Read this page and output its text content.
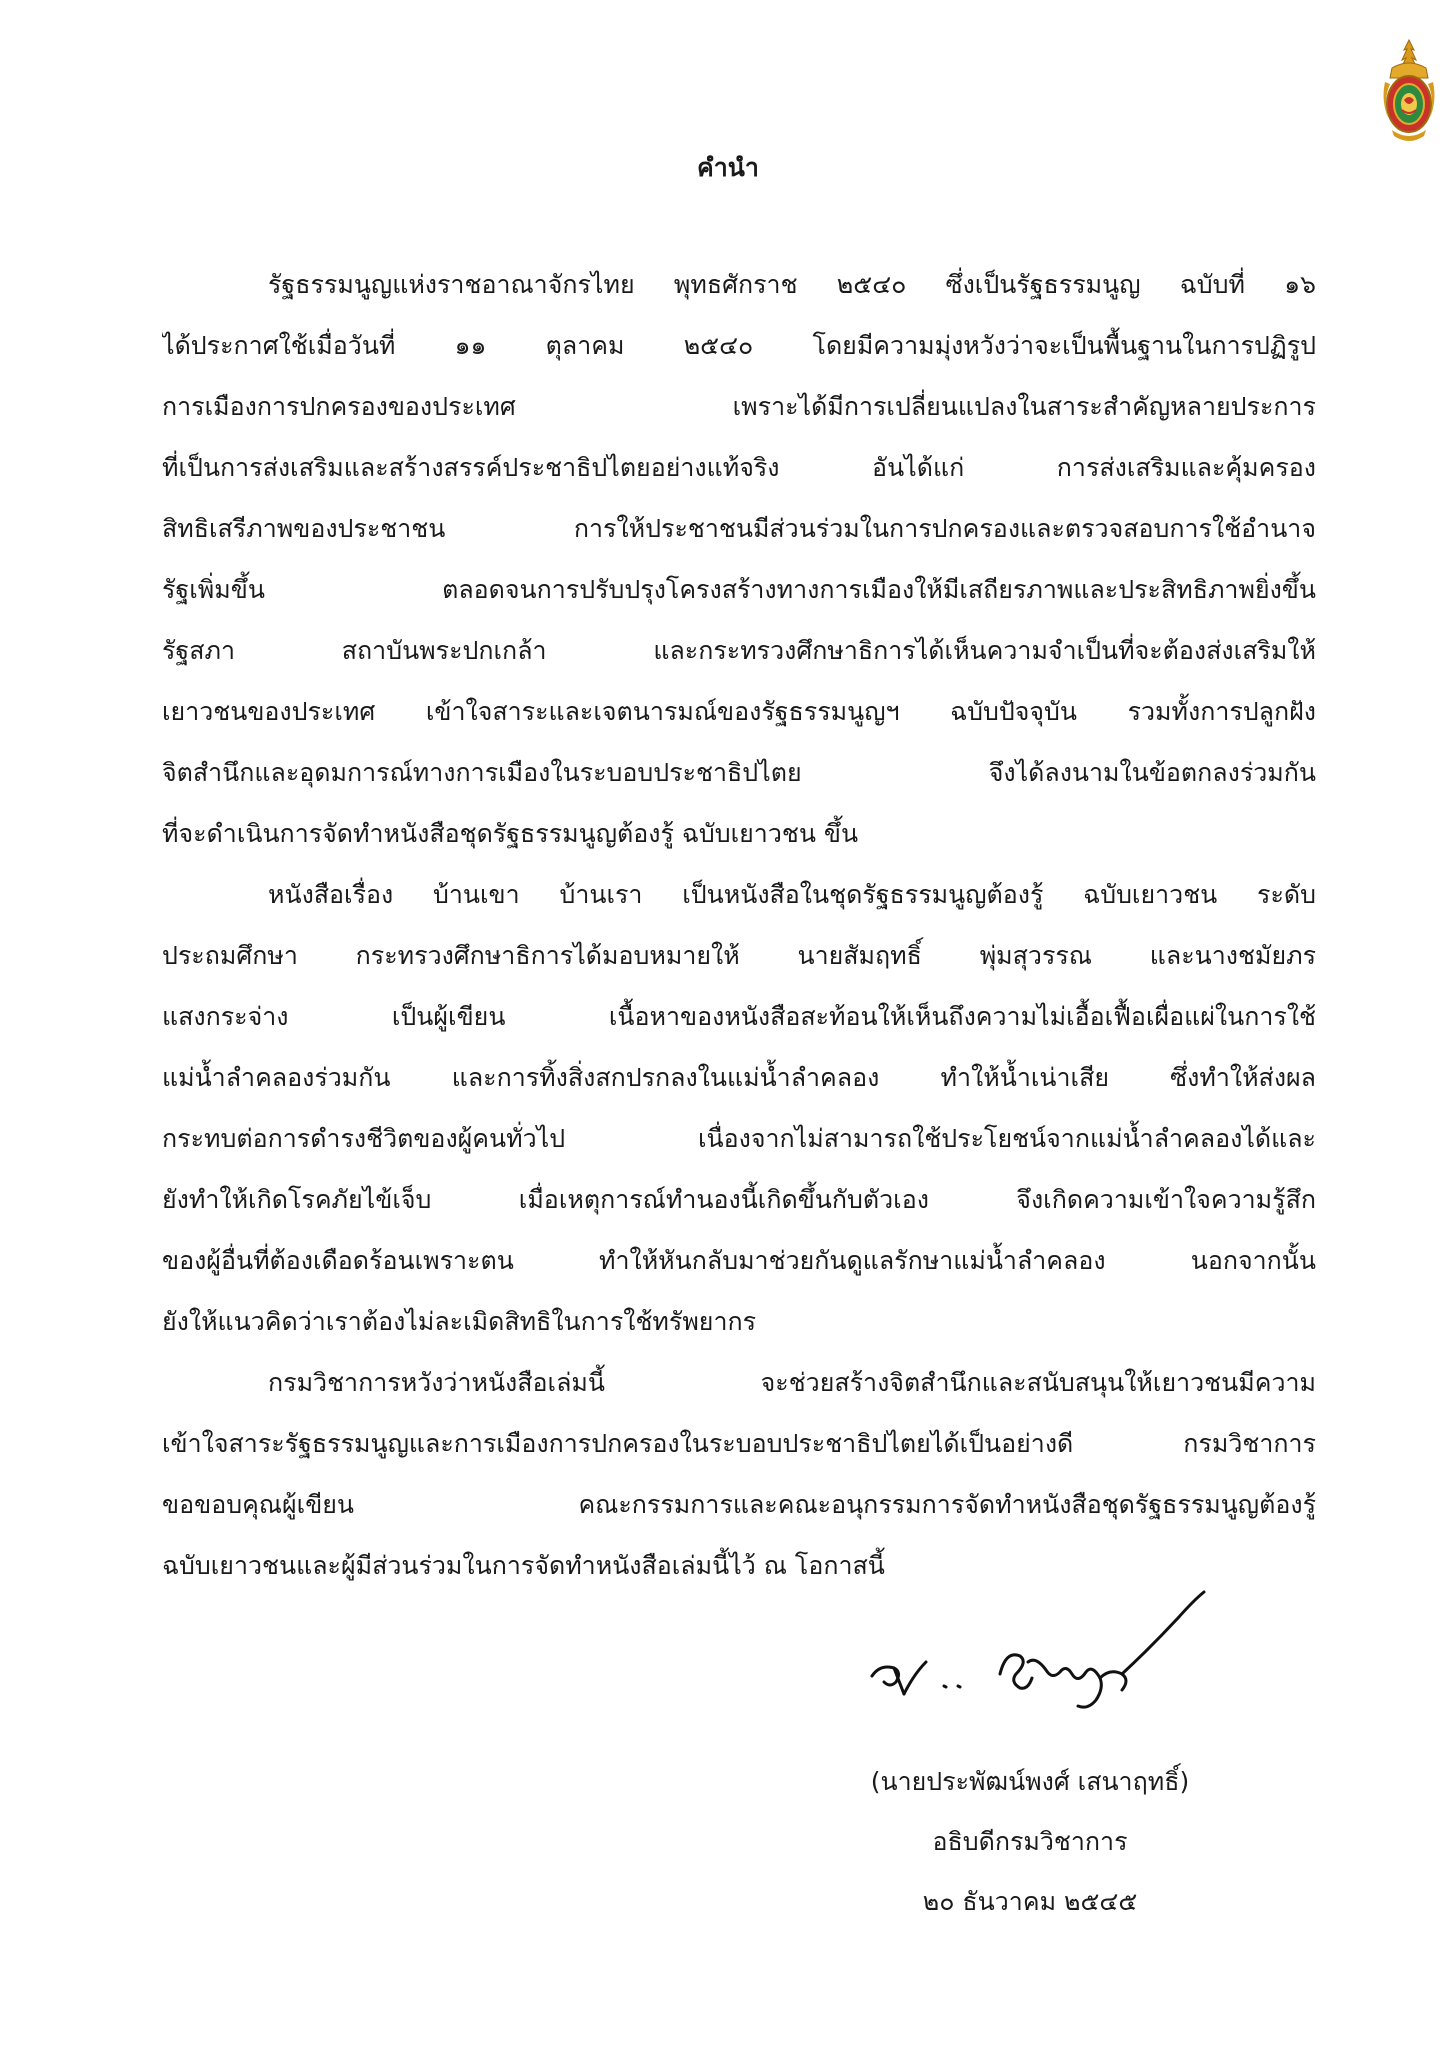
คำนำ
รัฐธรรมนูญแห่งราชอาณาจักรไทย พุทธศักราช ๒๕๔๐ ซึ่งเป็นรัฐธรรมนูญ ฉบับที่ ๑๖
ได้ประกาศใช้เมื่อวันที่ ๑๑ ตุลาคม ๒๕๔๐ โดยมีความมุ่งหวังว่าจะเป็นพื้นฐานในการปฏิรูป
การเมืองการปกครองของประเทศ เพราะได้มีการเปลี่ยนแปลงในสาระสำคัญหลายประการ
ที่เป็นการส่งเสริมและสร้างสรรค์ประชาธิปไตยอย่างแท้จริง อันได้แก่ การส่งเสริมและคุ้มครอง
สิทธิเสรีภาพของประชาชน การให้ประชาชนมีส่วนร่วมในการปกครองและตรวจสอบการใช้อำนาจ
รัฐเพิ่มขึ้น ตลอดจนการปรับปรุงโครงสร้างทางการเมืองให้มีเสถียรภาพและประสิทธิภาพยิ่งขึ้น
รัฐสภา สถาบันพระปกเกล้า และกระทรวงศึกษาธิการได้เห็นความจำเป็นที่จะต้องส่งเสริมให้
เยาวชนของประเทศ เข้าใจสาระและเจตนารมณ์ของรัฐธรรมนูญฯ ฉบับปัจจุบัน รวมทั้งการปลูกฝัง
จิตสำนึกและอุดมการณ์ทางการเมืองในระบอบประชาธิปไตย จึงได้ลงนามในข้อตกลงร่วมกัน
ที่จะดำเนินการจัดทำหนังสือชุดรัฐธรรมนูญต้องรู้ ฉบับเยาวชน ขึ้น
หนังสือเรื่อง บ้านเขา บ้านเรา เป็นหนังสือในชุดรัฐธรรมนูญต้องรู้ ฉบับเยาวชน ระดับ
ประถมศึกษา กระทรวงศึกษาธิการได้มอบหมายให้ นายสัมฤทธิ์ พุ่มสุวรรณ และนางชมัยภร
แสงกระจ่าง เป็นผู้เขียน เนื้อหาของหนังสือสะท้อนให้เห็นถึงความไม่เอื้อเฟื้อเผื่อแผ่ในการใช้
แม่น้ำลำคลองร่วมกัน และการทิ้งสิ่งสกปรกลงในแม่น้ำลำคลอง ทำให้น้ำเน่าเสีย ซึ่งทำให้ส่งผล
กระทบต่อการดำรงชีวิตของผู้คนทั่วไป เนื่องจากไม่สามารถใช้ประโยชน์จากแม่น้ำลำคลองได้และ
ยังทำให้เกิดโรคภัยไข้เจ็บ เมื่อเหตุการณ์ทำนองนี้เกิดขึ้นกับตัวเอง จึงเกิดความเข้าใจความรู้สึก
ของผู้อื่นที่ต้องเดือดร้อนเพราะตน ทำให้หันกลับมาช่วยกันดูแลรักษาแม่น้ำลำคลอง นอกจากนั้น
ยังให้แนวคิดว่าเราต้องไม่ละเมิดสิทธิในการใช้ทรัพยากร
กรมวิชาการหวังว่าหนังสือเล่มนี้ จะช่วยสร้างจิตสำนึกและสนับสนุนให้เยาวชนมีความ
เข้าใจสาระรัฐธรรมนูญและการเมืองการปกครองในระบอบประชาธิปไตยได้เป็นอย่างดี กรมวิชาการ
ขอขอบคุณผู้เขียน คณะกรรมการและคณะอนุกรรมการจัดทำหนังสือชุดรัฐธรรมนูญต้องรู้
ฉบับเยาวชนและผู้มีส่วนร่วมในการจัดทำหนังสือเล่มนี้ไว้ ณ โอกาสนี้
(นายประพัฒน์พงศ์ เสนาฤทธิ์)
อธิบดีกรมวิชาการ
๒๐ ธันวาคม ๒๕๔๕
